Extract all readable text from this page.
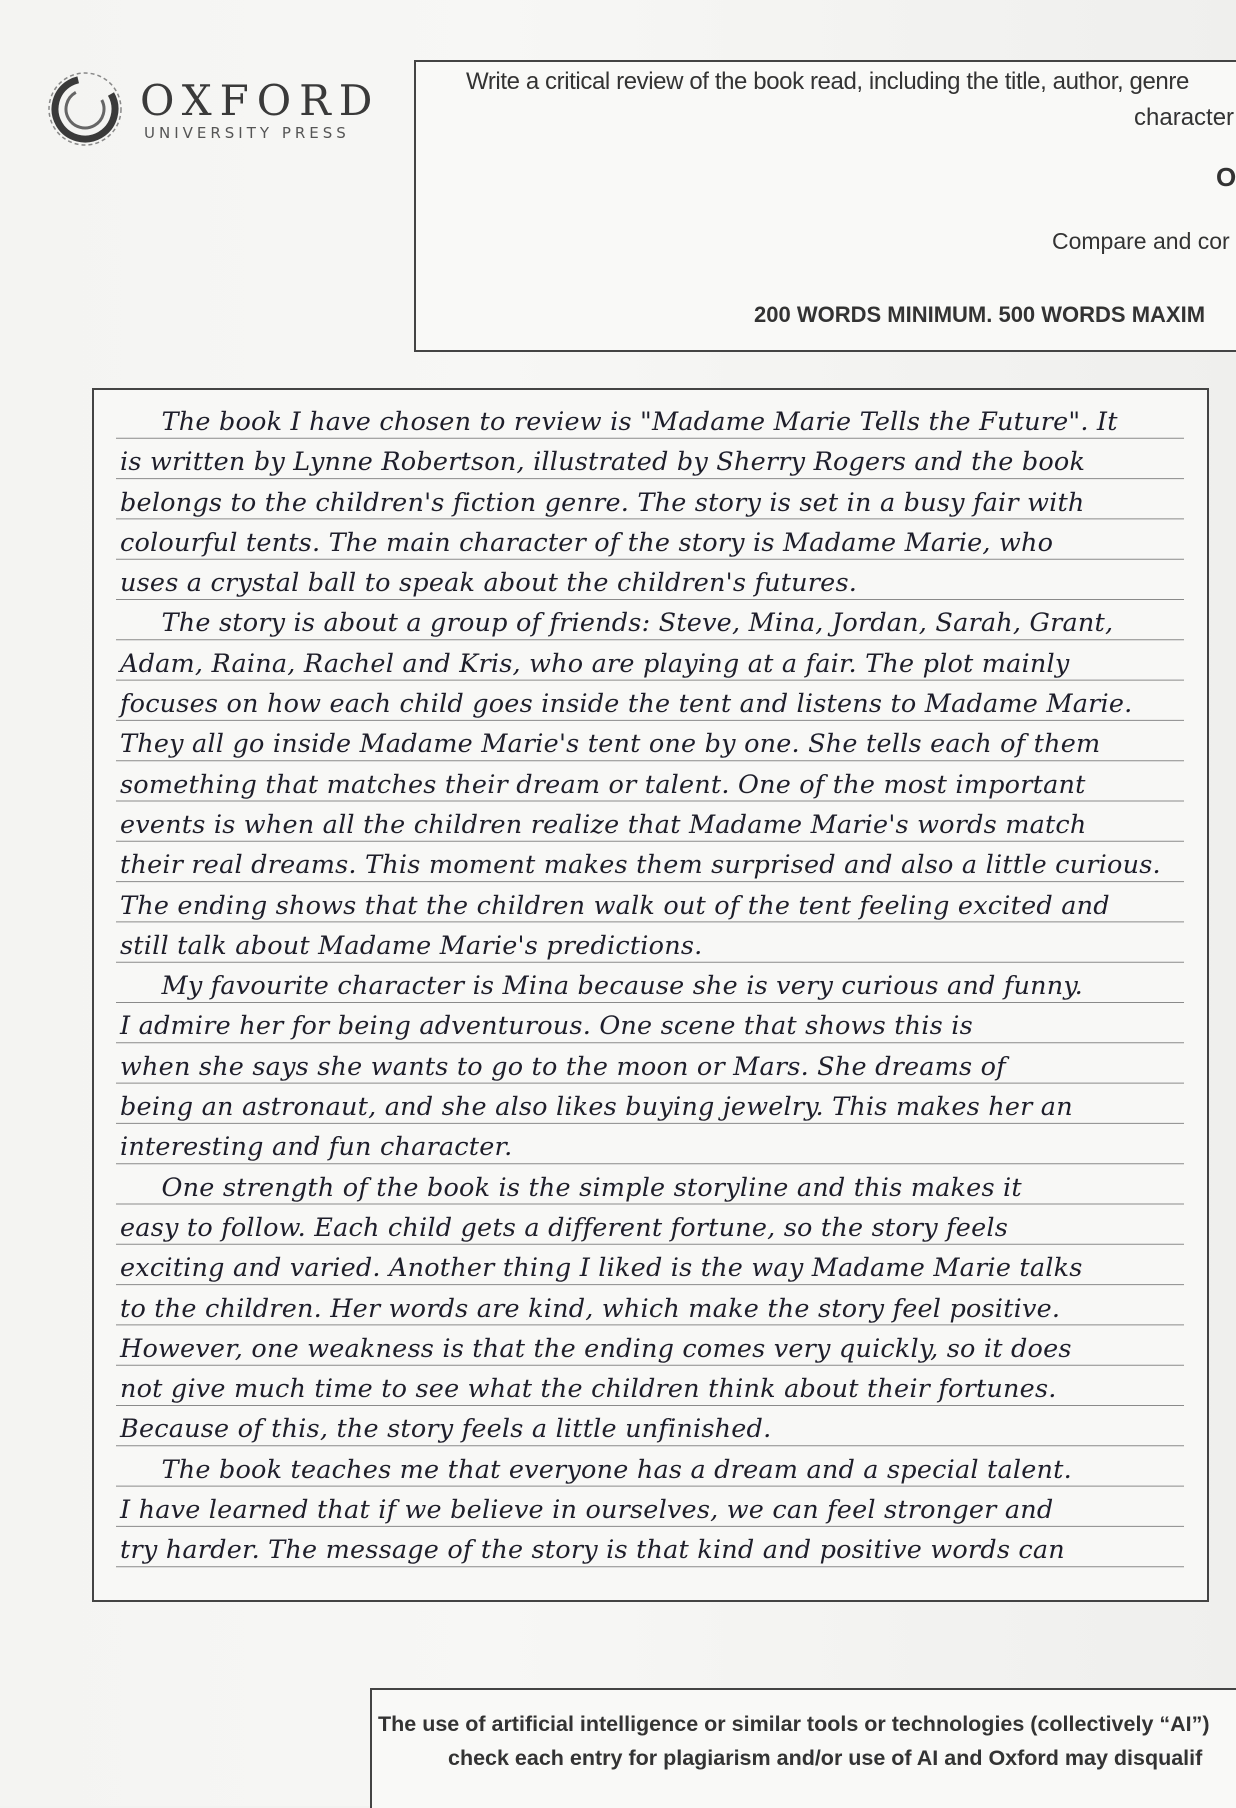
OXFORD
UNIVERSITY PRESS
Write a critical review of the book read, including the title, author, genre
character
O
Compare and cor
200 WORDS MINIMUM. 500 WORDS MAXIM
The book I have chosen to review is "Madame Marie Tells the Future". It
is written by Lynne Robertson, illustrated by Sherry Rogers and the book
belongs to the children's fiction genre. The story is set in a busy fair with
colourful tents. The main character of the story is Madame Marie, who
uses a crystal ball to speak about the children's futures.
The story is about a group of friends: Steve, Mina, Jordan, Sarah, Grant,
Adam, Raina, Rachel and Kris, who are playing at a fair. The plot mainly
focuses on how each child goes inside the tent and listens to Madame Marie.
They all go inside Madame Marie's tent one by one. She tells each of them
something that matches their dream or talent. One of the most important
events is when all the children realize that Madame Marie's words match
their real dreams. This moment makes them surprised and also a little curious.
The ending shows that the children walk out of the tent feeling excited and
still talk about Madame Marie's predictions.
My favourite character is Mina because she is very curious and funny.
I admire her for being adventurous. One scene that shows this is
when she says she wants to go to the moon or Mars. She dreams of
being an astronaut, and she also likes buying jewelry. This makes her an
interesting and fun character.
One strength of the book is the simple storyline and this makes it
easy to follow. Each child gets a different fortune, so the story feels
exciting and varied. Another thing I liked is the way Madame Marie talks
to the children. Her words are kind, which make the story feel positive.
However, one weakness is that the ending comes very quickly, so it does
not give much time to see what the children think about their fortunes.
Because of this, the story feels a little unfinished.
The book teaches me that everyone has a dream and a special talent.
I have learned that if we believe in ourselves, we can feel stronger and
try harder. The message of the story is that kind and positive words can
The use of artificial intelligence or similar tools or technologies (collectively “AI”)
check each entry for plagiarism and/or use of AI and Oxford may disqualif
